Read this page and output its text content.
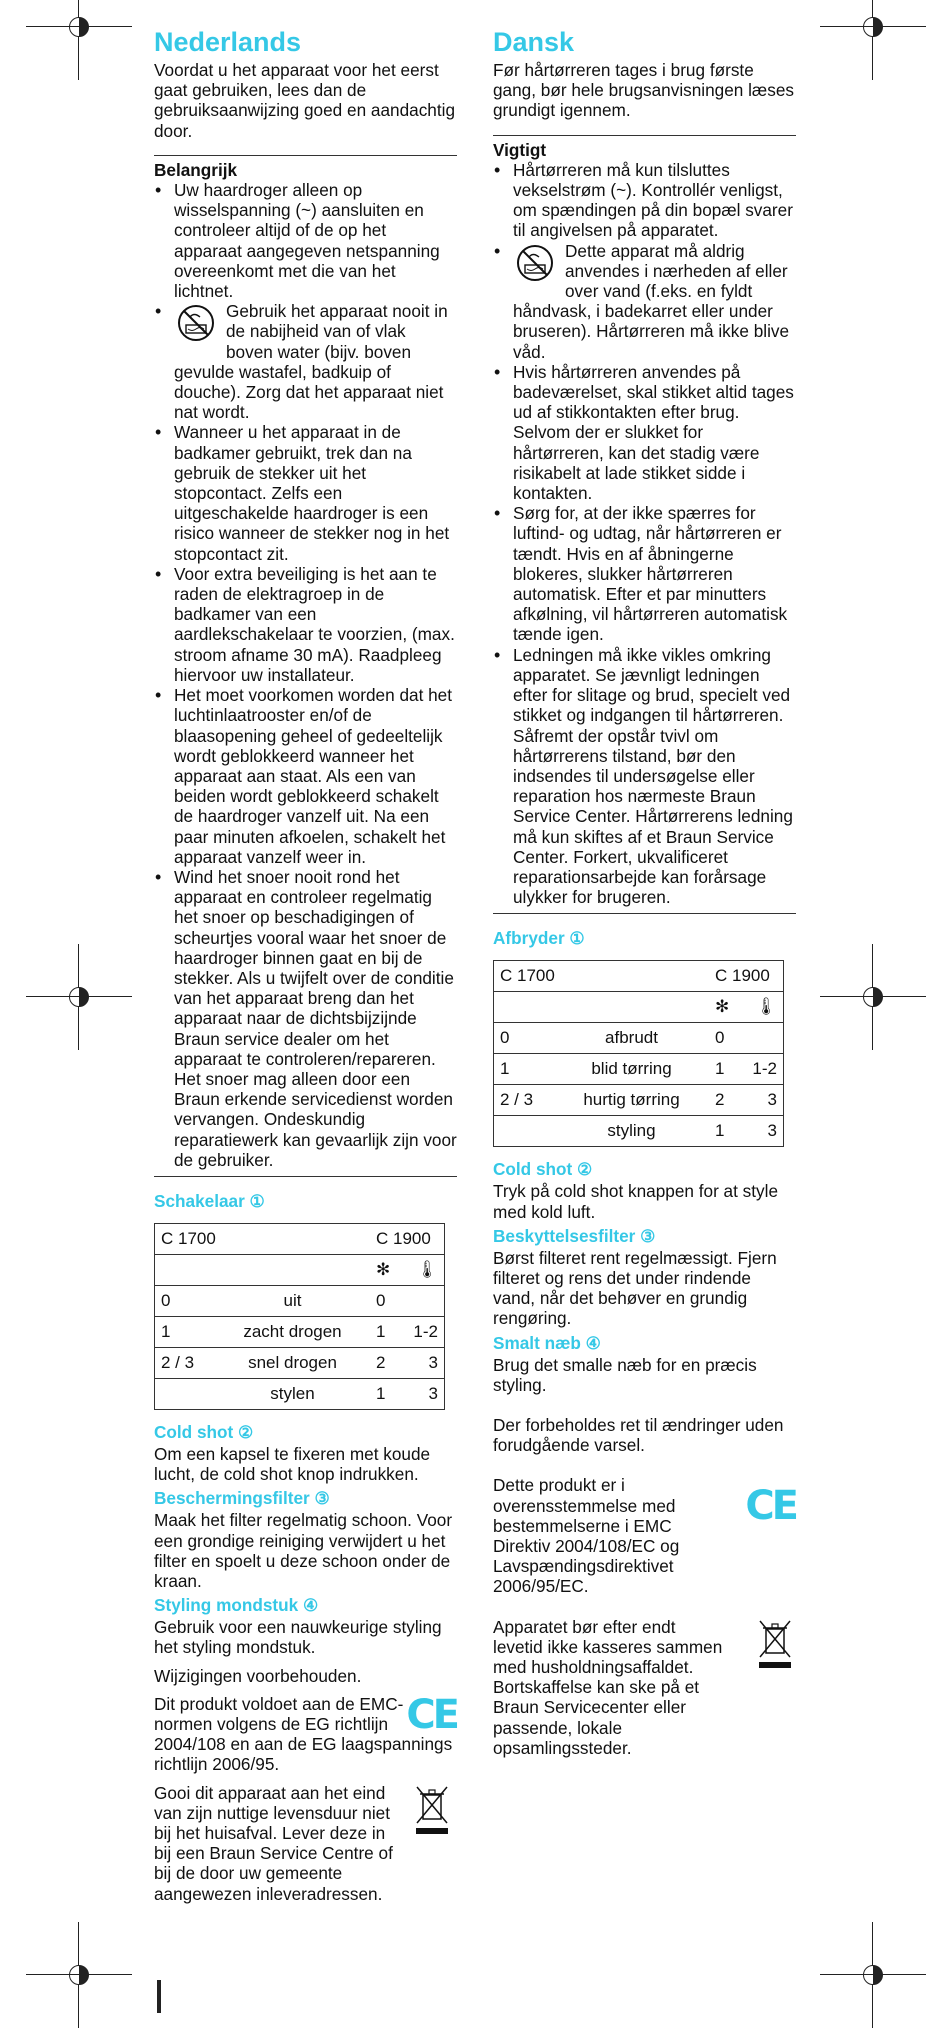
Nederlands

Voordat u het apparaat voor het eerst gaat gebruiken, lees dan de gebruiksaanwijzing goed en aandachtig door.

Belangrijk

• Uw haardroger alleen op wisselspanning (~) aansluiten en controleer altijd of de op het apparaat aangegeven netspanning overeenkomt met die van het lichtnet.
• Gebruik het apparaat nooit in de nabijheid van of vlak boven water (bijv. boven gevulde wastafel, badkuip of douche). Zorg dat het apparaat niet nat wordt.
• Wanneer u het apparaat in de badkamer gebruikt, trek dan na gebruik de stekker uit het stopcontact. Zelfs een uitgeschakelde haardroger is een risico wanneer de stekker nog in het stopcontact zit.
• Voor extra beveiliging is het aan te raden de elektragroep in de badkamer van een aardlekschakelaar te voorzien, (max. stroom afname 30 mA). Raadpleeg hiervoor uw installateur.
• Het moet voorkomen worden dat het luchtinlaatrooster en/of de blaasopening geheel of gedeeltelijk wordt geblokkeerd wanneer het apparaat aan staat. Als een van beiden wordt geblokkeerd schakelt de haardroger vanzelf uit. Na een paar minuten afkoelen, schakelt het apparaat vanzelf weer in.
• Wind het snoer nooit rond het apparaat en controleer regelmatig het snoer op beschadigingen of scheurtjes vooral waar het snoer de haardroger binnen gaat en bij de stekker. Als u twijfelt over de conditie van het apparaat breng dan het apparaat naar de dichtsbijzijnde Braun service dealer om het apparaat te controleren/repareren. Het snoer mag alleen door een Braun erkende servicedienst worden vervangen. Ondeskundig reparatiewerk kan gevaarlijk zijn voor de gebruiker.
Schakelaar ①
C 1700		C 1900	
		✻	🌡
0	uit	0	
1	zacht drogen	1	1-2
2 / 3	snel drogen	2	3
	stylen	1	3
Cold shot ②

Om een kapsel te fixeren met koude lucht, de cold shot knop indrukken.

Beschermingsfilter ③

Maak het filter regelmatig schoon. Voor een grondige reiniging verwijdert u het filter en spoelt u deze schoon onder de kraan.

Styling mondstuk ④

Gebruik voor een nauwkeurige styling het styling mondstuk.

Wijzigingen voorbehouden.

Dit produkt voldoet aan de EMC-normen volgens de EG richtlijn 2004/108 en aan de EG laagspannings richtlijn 2006/95.

CE

Gooi dit apparaat aan het eind van zijn nuttige levensduur niet bij het huisafval. Lever deze in bij een Braun Service Centre of bij de door uw gemeente aangewezen inleveradressen.

Dansk

Før hårtørreren tages i brug første gang, bør hele brugsanvisningen læses grundigt igennem.

Vigtigt

• Hårtørreren må kun tilsluttes vekselstrøm (~). Kontrollér venligst, om spændingen på din bopæl svarer til angivelsen på apparatet.
• Dette apparat må aldrig anvendes i nærheden af eller over vand (f.eks. en fyldt håndvask, i badekarret eller under bruseren). Hårtørreren må ikke blive våd.
• Hvis hårtørreren anvendes på badeværelset, skal stikket altid tages ud af stikkontakten efter brug. Selvom der er slukket for hårtørreren, kan det stadig være risikabelt at lade stikket sidde i kontakten.
• Sørg for, at der ikke spærres for luftind- og udtag, når hårtørreren er tændt. Hvis en af åbningerne blokeres, slukker hårtørreren automatisk. Efter et par minutters afkølning, vil hårtørreren automatisk tænde igen.
• Ledningen må ikke vikles omkring apparatet. Se jævnligt ledningen efter for slitage og brud, specielt ved stikket og indgangen til hårtørreren. Såfremt der opstår tvivl om hårtørrerens tilstand, bør den indsendes til undersøgelse eller reparation hos nærmeste Braun Service Center. Hårtørrerens ledning må kun skiftes af et Braun Service Center. Forkert, ukvalificeret reparationsarbejde kan forårsage ulykker for brugeren.
Afbryder ①
C 1700		C 1900	
		✻	🌡
0	afbrudt	0	
1	blid tørring	1	1-2
2 / 3	hurtig tørring	2	3
	styling	1	3
Cold shot ②

Tryk på cold shot knappen for at style med kold luft.

Beskyttelsesfilter ③

Børst filteret rent regelmæssigt. Fjern filteret og rens det under rindende vand, når det behøver en grundig rengøring.

Smalt næb ④

Brug det smalle næb for en præcis styling.

Der forbeholdes ret til ændringer uden forudgående varsel.

Dette produkt er i overensstemmelse med bestemmelserne i EMC Direktiv 2004/108/EC og Lavspændingsdirektivet 2006/95/EC.

CE

Apparatet bør efter endt levetid ikke kasseres sammen med husholdningsaffaldet. Bortskaffelse kan ske på et Braun Servicecenter eller passende, lokale opsamlingssteder.
